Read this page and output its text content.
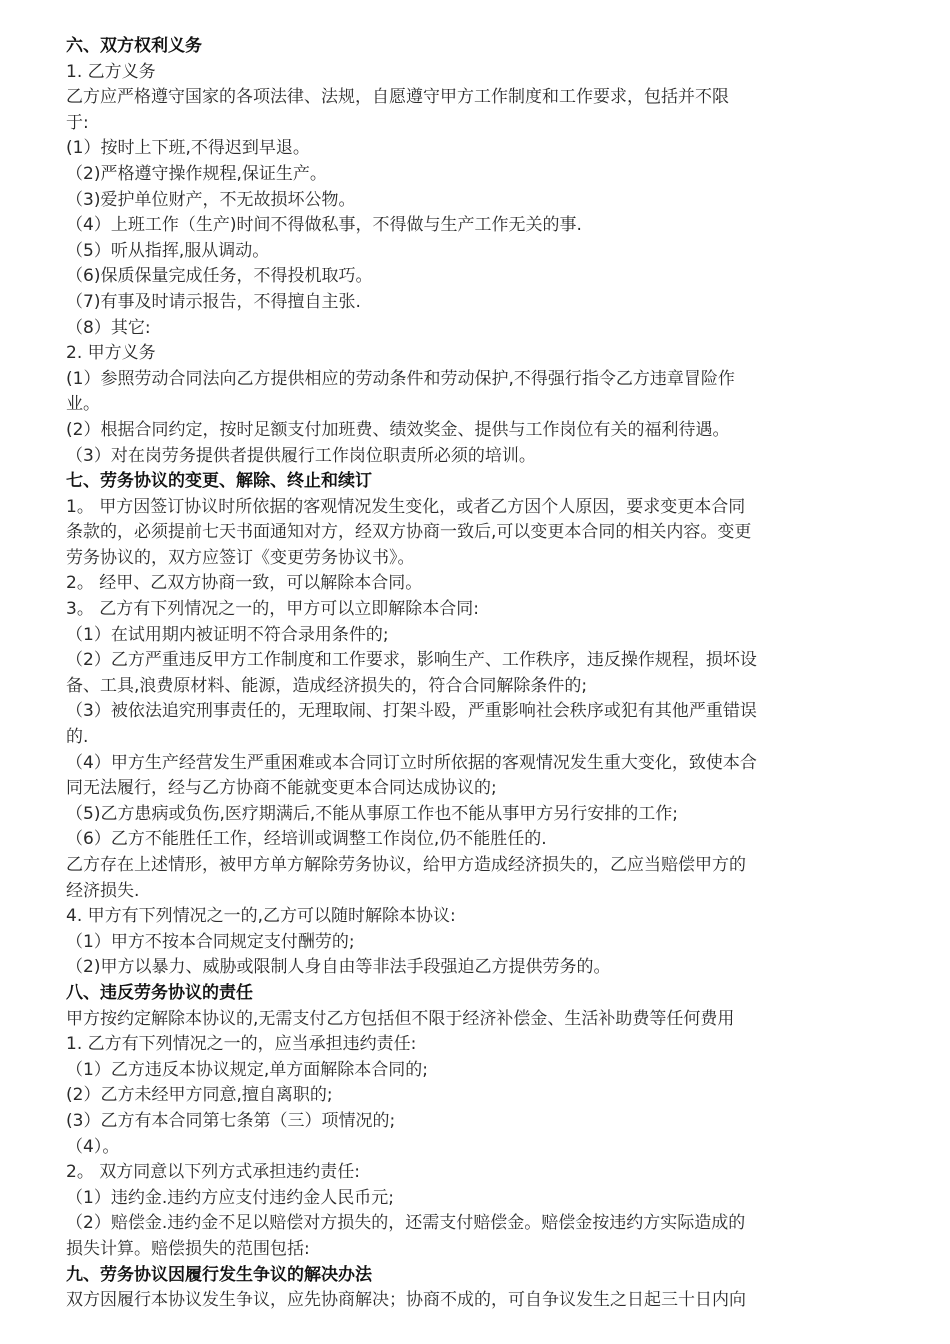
六、双方权利义务

1. 乙方义务

乙方应严格遵守国家的各项法律、法规，自愿遵守甲方工作制度和工作要求，包括并不限

于:

(1）按时上下班,不得迟到早退。

（2)严格遵守操作规程,保证生产。

（3)爱护单位财产，不无故损坏公物。

（4）上班工作（生产)时间不得做私事，不得做与生产工作无关的事.

（5）听从指挥,服从调动。

（6)保质保量完成任务，不得投机取巧。

（7)有事及时请示报告，不得擅自主张.

（8）其它:

2. 甲方义务

(1）参照劳动合同法向乙方提供相应的劳动条件和劳动保护,不得强行指令乙方违章冒险作

业。

(2）根据合同约定，按时足额支付加班费、绩效奖金、提供与工作岗位有关的福利待遇。

（3）对在岗劳务提供者提供履行工作岗位职责所必须的培训。

七、劳务协议的变更、解除、终止和续订

1。 甲方因签订协议时所依据的客观情况发生变化，或者乙方因个人原因，要求变更本合同

条款的，必须提前七天书面通知对方，经双方协商一致后,可以变更本合同的相关内容。变更

劳务协议的，双方应签订《变更劳务协议书》。

2。 经甲、乙双方协商一致，可以解除本合同。

3。 乙方有下列情况之一的，甲方可以立即解除本合同:

（1）在试用期内被证明不符合录用条件的;

（2）乙方严重违反甲方工作制度和工作要求，影响生产、工作秩序，违反操作规程，损坏设

备、工具,浪费原材料、能源，造成经济损失的，符合合同解除条件的;

（3）被依法追究刑事责任的，无理取闹、打架斗殴，严重影响社会秩序或犯有其他严重错误

的.

（4）甲方生产经营发生严重困难或本合同订立时所依据的客观情况发生重大变化，致使本合

同无法履行，经与乙方协商不能就变更本合同达成协议的;

（5)乙方患病或负伤,医疗期满后,不能从事原工作也不能从事甲方另行安排的工作;

（6）乙方不能胜任工作，经培训或调整工作岗位,仍不能胜任的.

乙方存在上述情形，被甲方单方解除劳务协议，给甲方造成经济损失的，乙应当赔偿甲方的

经济损失.

4. 甲方有下列情况之一的,乙方可以随时解除本协议:

（1）甲方不按本合同规定支付酬劳的;

（2)甲方以暴力、威胁或限制人身自由等非法手段强迫乙方提供劳务的。

八、违反劳务协议的责任

甲方按约定解除本协议的,无需支付乙方包括但不限于经济补偿金、生活补助费等任何费用

1. 乙方有下列情况之一的，应当承担违约责任:

（1）乙方违反本协议规定,单方面解除本合同的;

(2）乙方未经甲方同意,擅自离职的;

(3）乙方有本合同第七条第（三）项情况的;

（4）。

2。 双方同意以下列方式承担违约责任:

（1）违约金.违约方应支付违约金人民币元;

（2）赔偿金.违约金不足以赔偿对方损失的，还需支付赔偿金。赔偿金按违约方实际造成的

损失计算。赔偿损失的范围包括:

九、劳务协议因履行发生争议的解决办法

双方因履行本协议发生争议，应先协商解决；协商不成的，可自争议发生之日起三十日内向
